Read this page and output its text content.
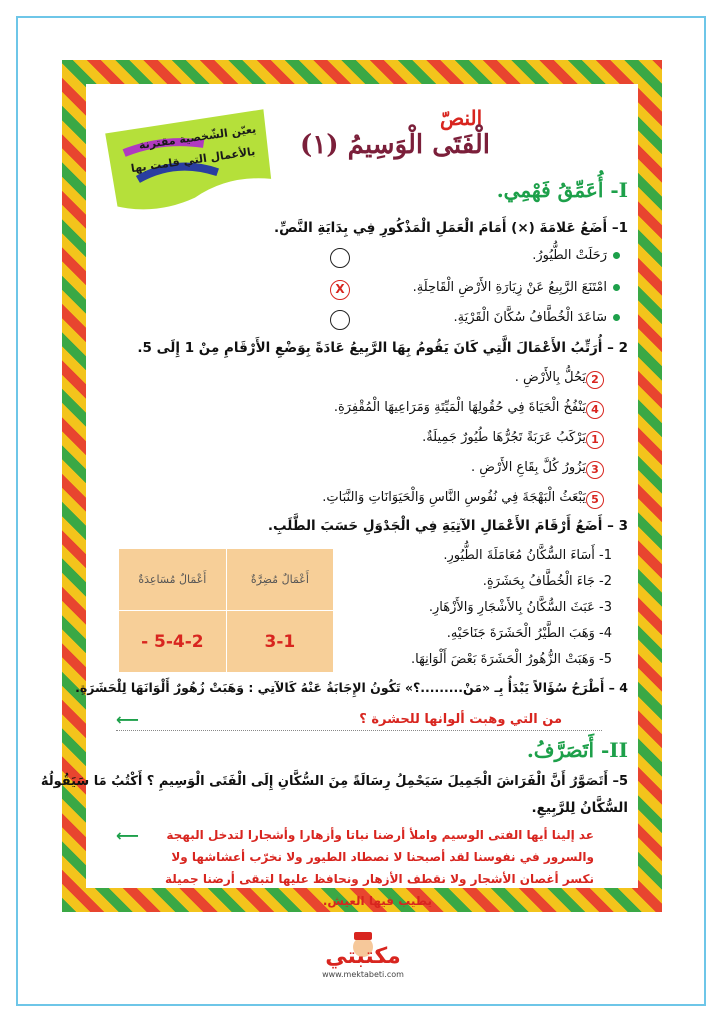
النصّ
الْفَتَى الْوَسِيمُ (١)
يعيّن الشّخصية مقترنة
بالأعمال التي قامت بها
I- أُعَمِّقُ فَهْمِي.
1– أَضَعُ عَلامَةَ (×) أَمَامَ الْعَمَلِ الْمَذْكُورِ فِي بِدَايَةِ النَّصِّ.
رَحَلَتْ الطُّيُورُ.
امْتَنَعَ الرَّبِيعُ عَنْ زِيَارَةِ الأَرْضِ الْقَاحِلَةِ.
X
سَاعَدَ الْخُطَّافُ سُكَّانَ الْقَرْيَةِ.
2 – أُرَتِّبُ الأَعْمَالَ الَّتِي كَانَ يَقُومُ بِهَا الرَّبِيعُ عَادَةً بِوَضْعِ الأَرْقَامِ مِنْ 1 إِلَى 5.
يَحُلُّ بِالأَرْضِ . 2
يَنْفُخُ الْحَيَاةَ فِي حُقُولِهَا الْمَيِّتَةِ وَمَرَاعِيهَا الْمُقْفِرَةِ. 4
يَرْكَبُ عَرَبَةً تَجُرُّهَا طُيُورٌ جَمِيلَةٌ. 1
يَزُورُ كُلَّ بِقَاعِ الأَرْضِ . 3
يَبْعَثُ الْبَهْجَةَ فِي نُفُوسِ النَّاسِ وَالْحَيَوَانَاتِ وَالنَّبَاتِ. 5
3 – أَضَعُ أَرْقَامَ الأَعْمَالِ الآتِيَةِ فِي الْجَدْوَلِ حَسَبَ الطَّلَبِ.
1- أَسَاءَ السُّكَّانُ مُعَامَلَةَ الطُّيُورِ.
2- جَاءَ الْخُطَّافُ بِحَشَرَةٍ.
3- عَبَثَ السُّكَّانُ بِالأَشْجَارِ وَالأَزْهَارِ.
4- وَهَبَ الطَّيْرُ الْحَشَرَةَ جَنَاحَيْهِ.
5- وَهَبَتْ الزُّهُورُ الْحَشَرَةَ بَعْضَ أَلْوَانِهَا.
أَعْمَالٌ مُسَاعِدَةٌ	أَعْمَالٌ مُضِرَّةٌ
- 5-4-2	3-1
4 – أَطْرَحُ سُؤَالاً يَبْدَأُ بِـ «مَنْ.........؟» تَكُونُ الإِجَابَةُ عَنْهُ كَالآتِي : وَهَبَتْ زُهُورٌ أَلْوَانَهَا لِلْحَشَرَةِ.
⟵	من التي وهبت ألوانها للحشرة ؟
II- أَتَصَرَّفُ.
5– أَتَصَوَّرُ أَنَّ الْفَرَاشَ الْجَمِيلَ سَيَحْمِلُ رِسَالَةً مِنَ السُّكَّانِ إِلَى الْفَتَى الْوَسِيمِ ؟ أَكْتُبُ مَا سَيَقُولُهُ
السُّكَّانُ لِلرَّبِيعِ.
⟵ عد إلينا أيها الفتى الوسيم واملأ أرضنا نباتا وأزهارا وأشجارا لتدخل البهجة
والسرور في نفوسنا لقد أصبحنا لا نصطاد الطيور ولا نخرّب أعشاشها ولا
نكسر أغصان الأشجار ولا نقطف الأزهار ونحافظ عليها لتبقى أرضنا جميلة
يطيب فيها العيش.
مكتبتي
www.mektabeti.com
